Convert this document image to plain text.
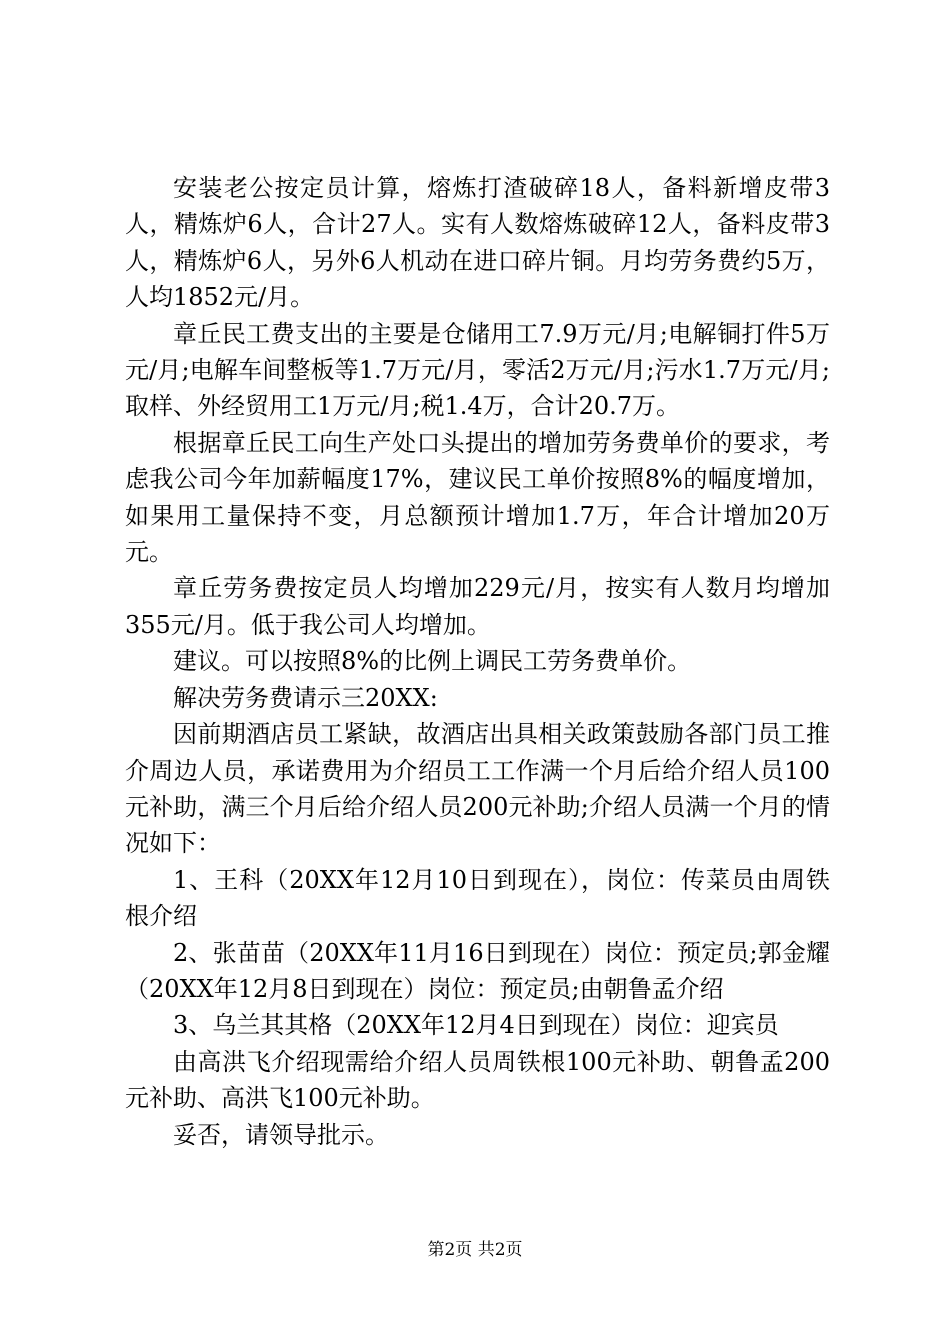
安装老公按定员计算，熔炼打渣破碎18人，备料新增皮带3人，精炼炉6人，合计27人。实有人数熔炼破碎12人，备料皮带3人，精炼炉6人，另外6人机动在进口碎片铜。月均劳务费约5万，人均1852元/月。

章丘民工费支出的主要是仓储用工7.9万元/月;电解铜打件5万元/月;电解车间整板等1.7万元/月，零活2万元/月;污水1.7万元/月;取样、外经贸用工1万元/月;税1.4万，合计20.7万。

根据章丘民工向生产处口头提出的增加劳务费单价的要求，考虑我公司今年加薪幅度17%，建议民工单价按照8%的幅度增加，如果用工量保持不变，月总额预计增加1.7万，年合计增加20万元。

章丘劳务费按定员人均增加229元/月，按实有人数月均增加355元/月。低于我公司人均增加。

建议。可以按照8%的比例上调民工劳务费单价。

解决劳务费请示三20XX:

因前期酒店员工紧缺，故酒店出具相关政策鼓励各部门员工推介周边人员，承诺费用为介绍员工工作满一个月后给介绍人员100元补助，满三个月后给介绍人员200元补助;介绍人员满一个月的情况如下：

1、王科（20XX年12月10日到现在），岗位：传菜员由周铁根介绍

2、张苗苗（20XX年11月16日到现在）岗位：预定员;郭金耀（20XX年12月8日到现在）岗位：预定员;由朝鲁孟介绍

3、乌兰其其格（20XX年12月4日到现在）岗位：迎宾员

由高洪飞介绍现需给介绍人员周铁根100元补助、朝鲁孟200元补助、高洪飞100元补助。

妥否，请领导批示。

第2页 共2页
